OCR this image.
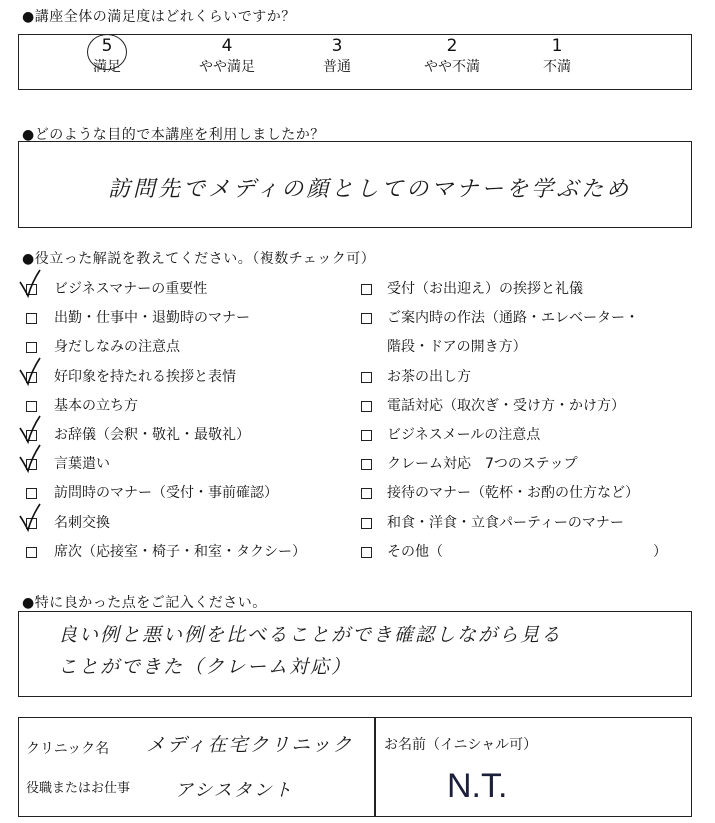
●講座全体の満足度はどれくらいですか？
5
満足
4
やや満足
3
普通
2
やや不満
1
不満
●どのような目的で本講座を利用しましたか？
訪問先でメディの顔としてのマナーを学ぶため
●役立った解説を教えてください。（複数チェック可）
ビジネスマナーの重要性
出勤・仕事中・退勤時のマナー
身だしなみの注意点
好印象を持たれる挨拶と表情
基本の立ち方
お辞儀（会釈・敬礼・最敬礼）
言葉遣い
訪問時のマナー（受付・事前確認）
名刺交換
席次（応接室・椅子・和室・タクシー）
受付（お出迎え）の挨拶と礼儀
ご案内時の作法（通路・エレベーター・
階段・ドアの開き方）
お茶の出し方
電話対応（取次ぎ・受け方・かけ方）
ビジネスメールの注意点
クレーム対応　7つのステップ
接待のマナー（乾杯・お酌の仕方など）
和食・洋食・立食パーティーのマナー
その他（　　　　　　　　　　　　　　　）
●特に良かった点をご記入ください。
良い例と悪い例を比べることができ確認しながら見る
ことができた（クレーム対応）
クリニック名 メディ在宅クリニック
役職またはお仕事 アシスタント
お名前（イニシャル可）
N.T.
